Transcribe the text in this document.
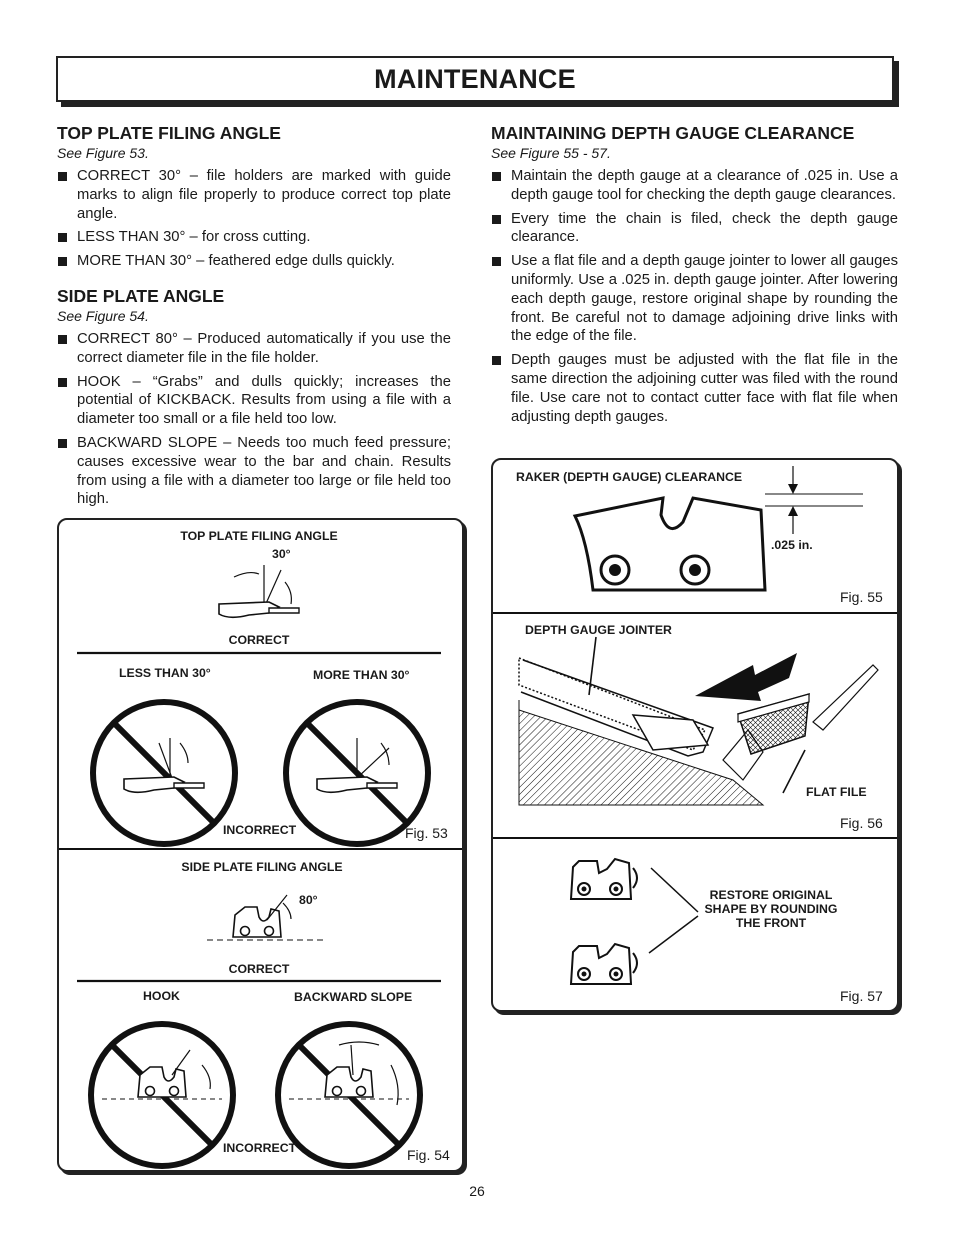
MAINTENANCE
TOP PLATE FILING ANGLE

See Figure 53.

CORRECT 30° – file holders are marked with guide marks to align file properly to produce correct top plate angle.
LESS THAN 30° – for cross cutting.
MORE THAN 30° – feathered edge dulls quickly.
SIDE PLATE ANGLE

See Figure 54.

CORRECT 80° – Produced automatically if you use the correct diameter file in the file holder.
HOOK – “Grabs” and dulls quickly; increases the potential of KICKBACK. Results from using a file with a diameter too small or a file held too low.
BACKWARD SLOPE – Needs too much feed pressure; causes excessive wear to the bar and chain. Results from using a file with a diameter too large or file held too high.
MAINTAINING DEPTH GAUGE CLEARANCE

See Figure 55 - 57.

Maintain the depth gauge at a clearance of .025 in. Use a depth gauge tool for checking the depth gauge clearances.
Every time the chain is filed, check the depth gauge clearance.
Use a flat file and a depth gauge jointer to lower all gauges uniformly. Use a .025 in. depth gauge jointer. After lowering each depth gauge, restore original shape by rounding the front. Be careful not to damage adjoining drive links with the edge of the file.
Depth gauges must be adjusted with the flat file in the same direction the adjoining cutter was filed with the round file. Use care not to contact cutter face with flat file when adjusting depth gauges.
TOP PLATE FILING ANGLE
30°
CORRECT
LESS THAN 30°	MORE THAN 30°
INCORRECT	Fig. 53
SIDE PLATE FILING ANGLE
80°
CORRECT
HOOK	BACKWARD SLOPE
INCORRECT	Fig. 54
RAKER (DEPTH GAUGE) CLEARANCE
.025 in.
Fig. 55
DEPTH GAUGE JOINTER
FLAT FILE
Fig. 56
RESTORE ORIGINAL SHAPE BY ROUNDING THE FRONT
Fig. 57
26
